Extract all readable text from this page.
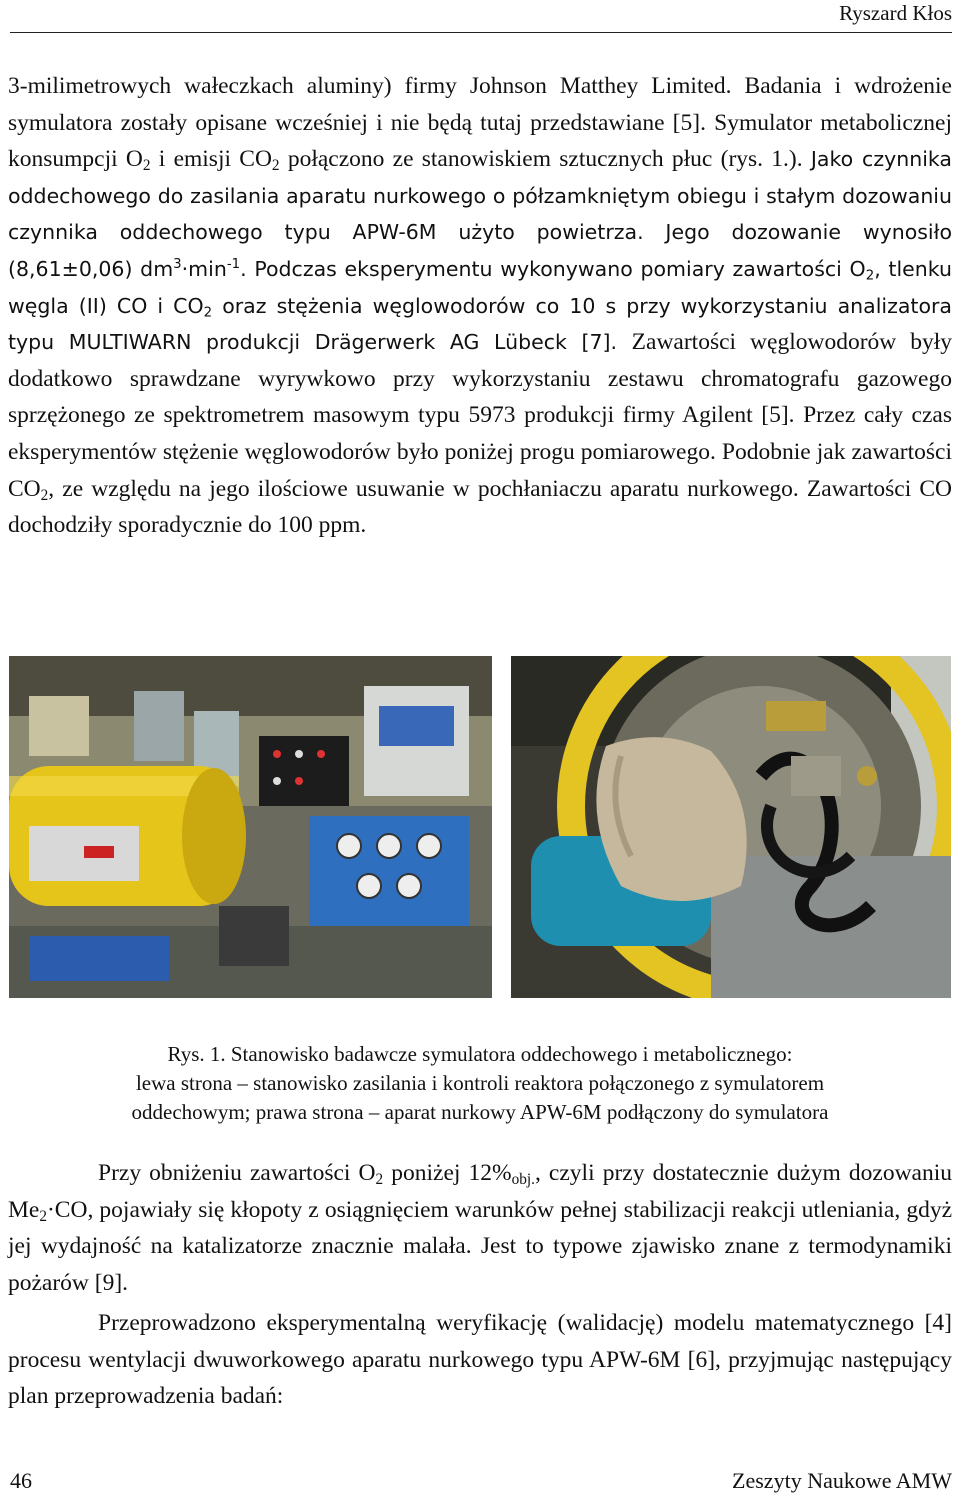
Ryszard Kłos

3-milimetrowych wałeczkach aluminy) firmy Johnson Matthey Limited. Badania i wdrożenie symulatora zostały opisane wcześniej i nie będą tutaj przedstawiane [5]. Symulator metabolicznej konsumpcji $O_2$ i emisji $CO_2$ połączono ze stanowiskiem sztucznych płuc (rys. 1.). Jako czynnika oddechowego do zasilania aparatu nurkowego o półzamkniętym obiegu i stałym dozowaniu czynnika oddechowego typu APW-6M użyto powietrza. Jego dozowanie wynosiło (8,61±0,06) $dm^3\cdot\min^{-1}$. Podczas eksperymentu wykonywano pomiary zawartości $O_2$, tlenku węgla (II) CO i $CO_2$ oraz stężenia węglowodorów co 10 s przy wykorzystaniu analizatora typu MULTIWARN produkcji Drägerwerk AG Lübeck [7]. Zawartości węglowodorów były dodatkowo sprawdzane wyrywkowo przy wykorzystaniu zestawu chromatografu gazowego sprzężonego ze spektrometrem masowym typu 5973 produkcji firmy Agilent [5]. Przez cały czas eksperymentów stężenie węglowodorów było poniżej progu pomiarowego. Podobnie jak zawartości $CO_2$, ze względu na jego ilościowe usuwanie w pochłaniaczu aparatu nurkowego. Zawartości CO dochodziły sporadycznie do 100 ppm.

Rys. 1. Stanowisko badawcze symulatora oddechowego i metabolicznego:
lewa strona – stanowisko zasilania i kontroli reaktora połączonego z symulatorem
oddechowym; prawa strona – aparat nurkowy APW-6M podłączony do symulatora

Przy obniżeniu zawartości $O_2$ poniżej $12\%_{obj.}$, czyli przy dostatecznie dużym dozowaniu $Me_2\cdot CO$, pojawiały się kłopoty z osiągnięciem warunków pełnej stabilizacji reakcji utleniania, gdyż jej wydajność na katalizatorze znacznie malała. Jest to typowe zjawisko znane z termodynamiki pożarów [9].

Przeprowadzono eksperymentalną weryfikację (walidację) modelu matematycznego [4] procesu wentylacji dwuworkowego aparatu nurkowego typu APW-6M [6], przyjmując następujący plan przeprowadzenia badań:

46	Zeszyty Naukowe AMW
